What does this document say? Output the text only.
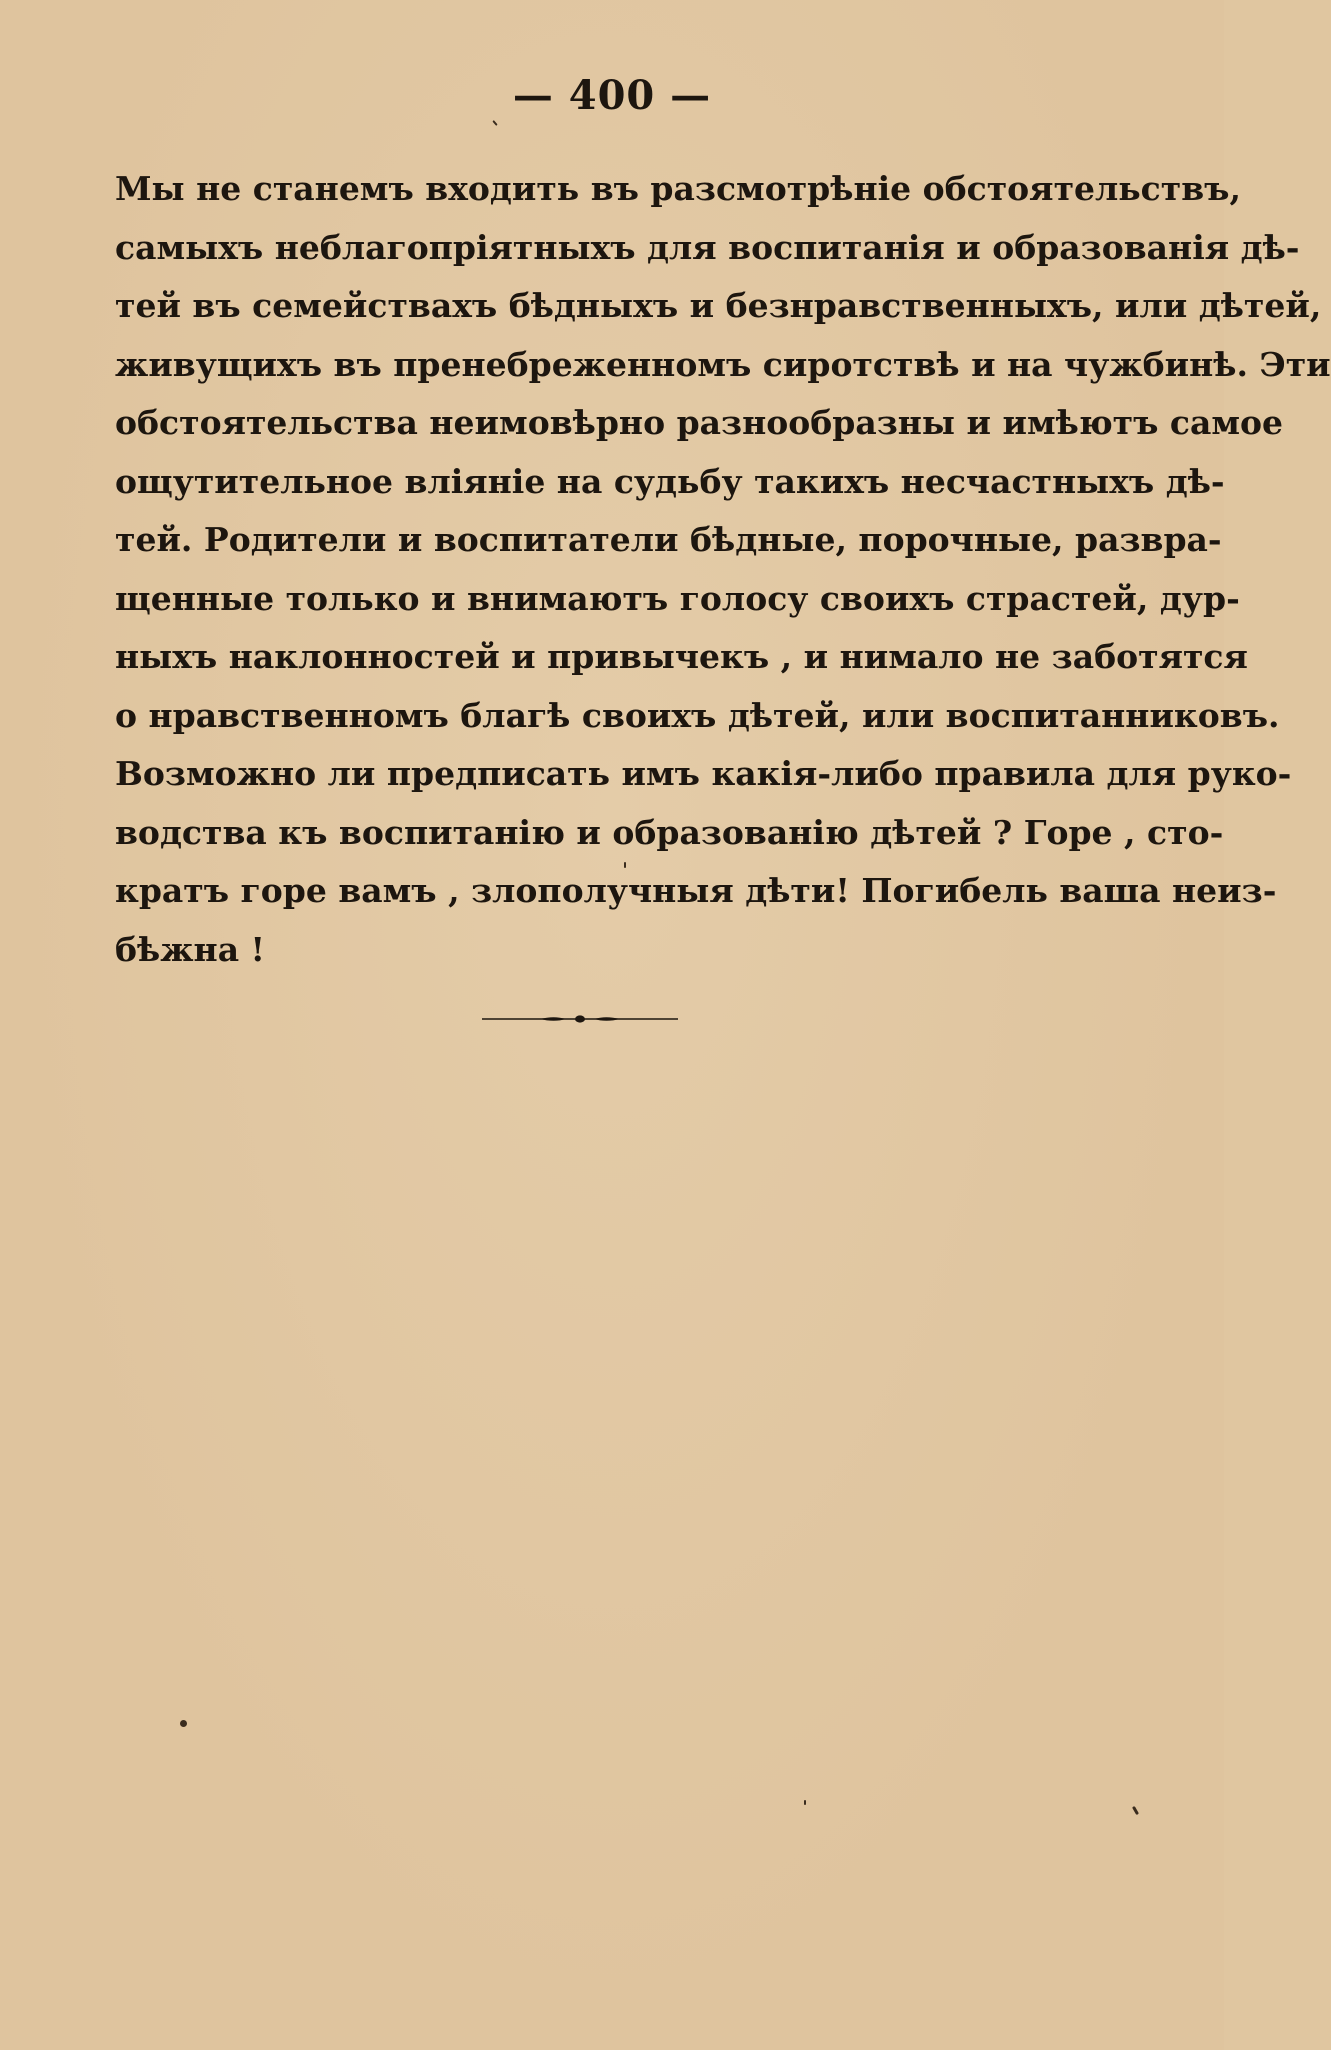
— 400 —
Мы не станемъ входить въ разсмотрѣніе обстоятельствъ,
самыхъ неблагопріятныхъ для воспитанія и образованія дѣ-
тей въ семействахъ бѣдныхъ и безнравственныхъ, или дѣтей,
живущихъ въ пренебреженномъ сиротствѣ и на чужбинѣ. Эти
обстоятельства неимовѣрно разнообразны и имѣютъ самое
ощутительное вліяніе на судьбу такихъ несчастныхъ дѣ-
тей. Родители и воспитатели бѣдные, порочные, развра-
щенные только и внимаютъ голосу своихъ страстей, дур-
ныхъ наклонностей и привычекъ , и нимало не заботятся
о нравственномъ благѣ своихъ дѣтей, или воспитанниковъ.
Возможно ли предписать имъ какія-либо правила для руко-
водства къ воспитанію и образованію дѣтей ? Горе , сто-
кратъ горе вамъ , злополучныя дѣти! Погибель ваша неиз-
бѣжна !
